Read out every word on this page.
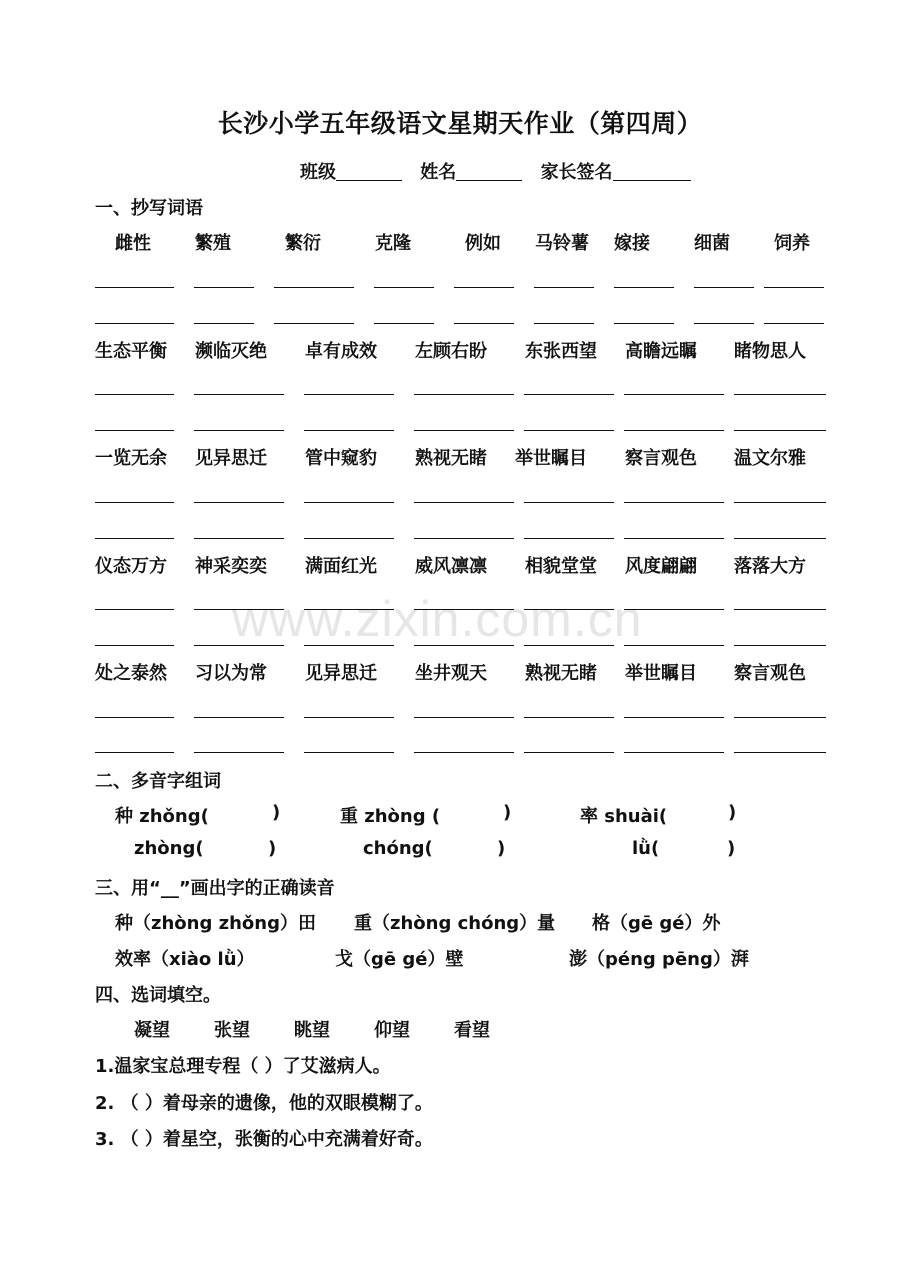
www.zixin.com.cn
长沙小学五年级语文星期天作业（第四周）
班级	姓名	家长签名
一、抄写词语
雌性 繁殖	繁衍	克隆	例如 马铃薯 嫁接 细菌 饲养
生态平衡 濒临灭绝 卓有成效 左顾右盼 东张西望 高瞻远瞩 睹物思人
一览无余 见异思迁 管中窥豹 熟视无睹 举世瞩目 察言观色 温文尔雅
仪态万方 神采奕奕 满面红光 威风凛凛 相貌堂堂 风度翩翩 落落大方
处之泰然 习以为常 见异思迁 坐井观天 熟视无睹 举世瞩目 察言观色
二、多音字组词
种 zhǒng(	)	重 zhòng (	)	率 shuài(	)
zhòng(	)	chóng(	)	lǜ(	)
三、用“__”画出字的正确读音
种（zhòng zhǒng）田 重（zhòng chóng）量 格（gē gé）外
效率（xiào lǜ）	戈（gē gé）壁	澎（péng pēng）湃
四、选词填空。
凝望 张望 眺望 仰望 看望
1.温家宝总理专程（ ）了艾滋病人。
2. （ ）着母亲的遗像，他的双眼模糊了。
3. （ ）着星空，张衡的心中充满着好奇。
